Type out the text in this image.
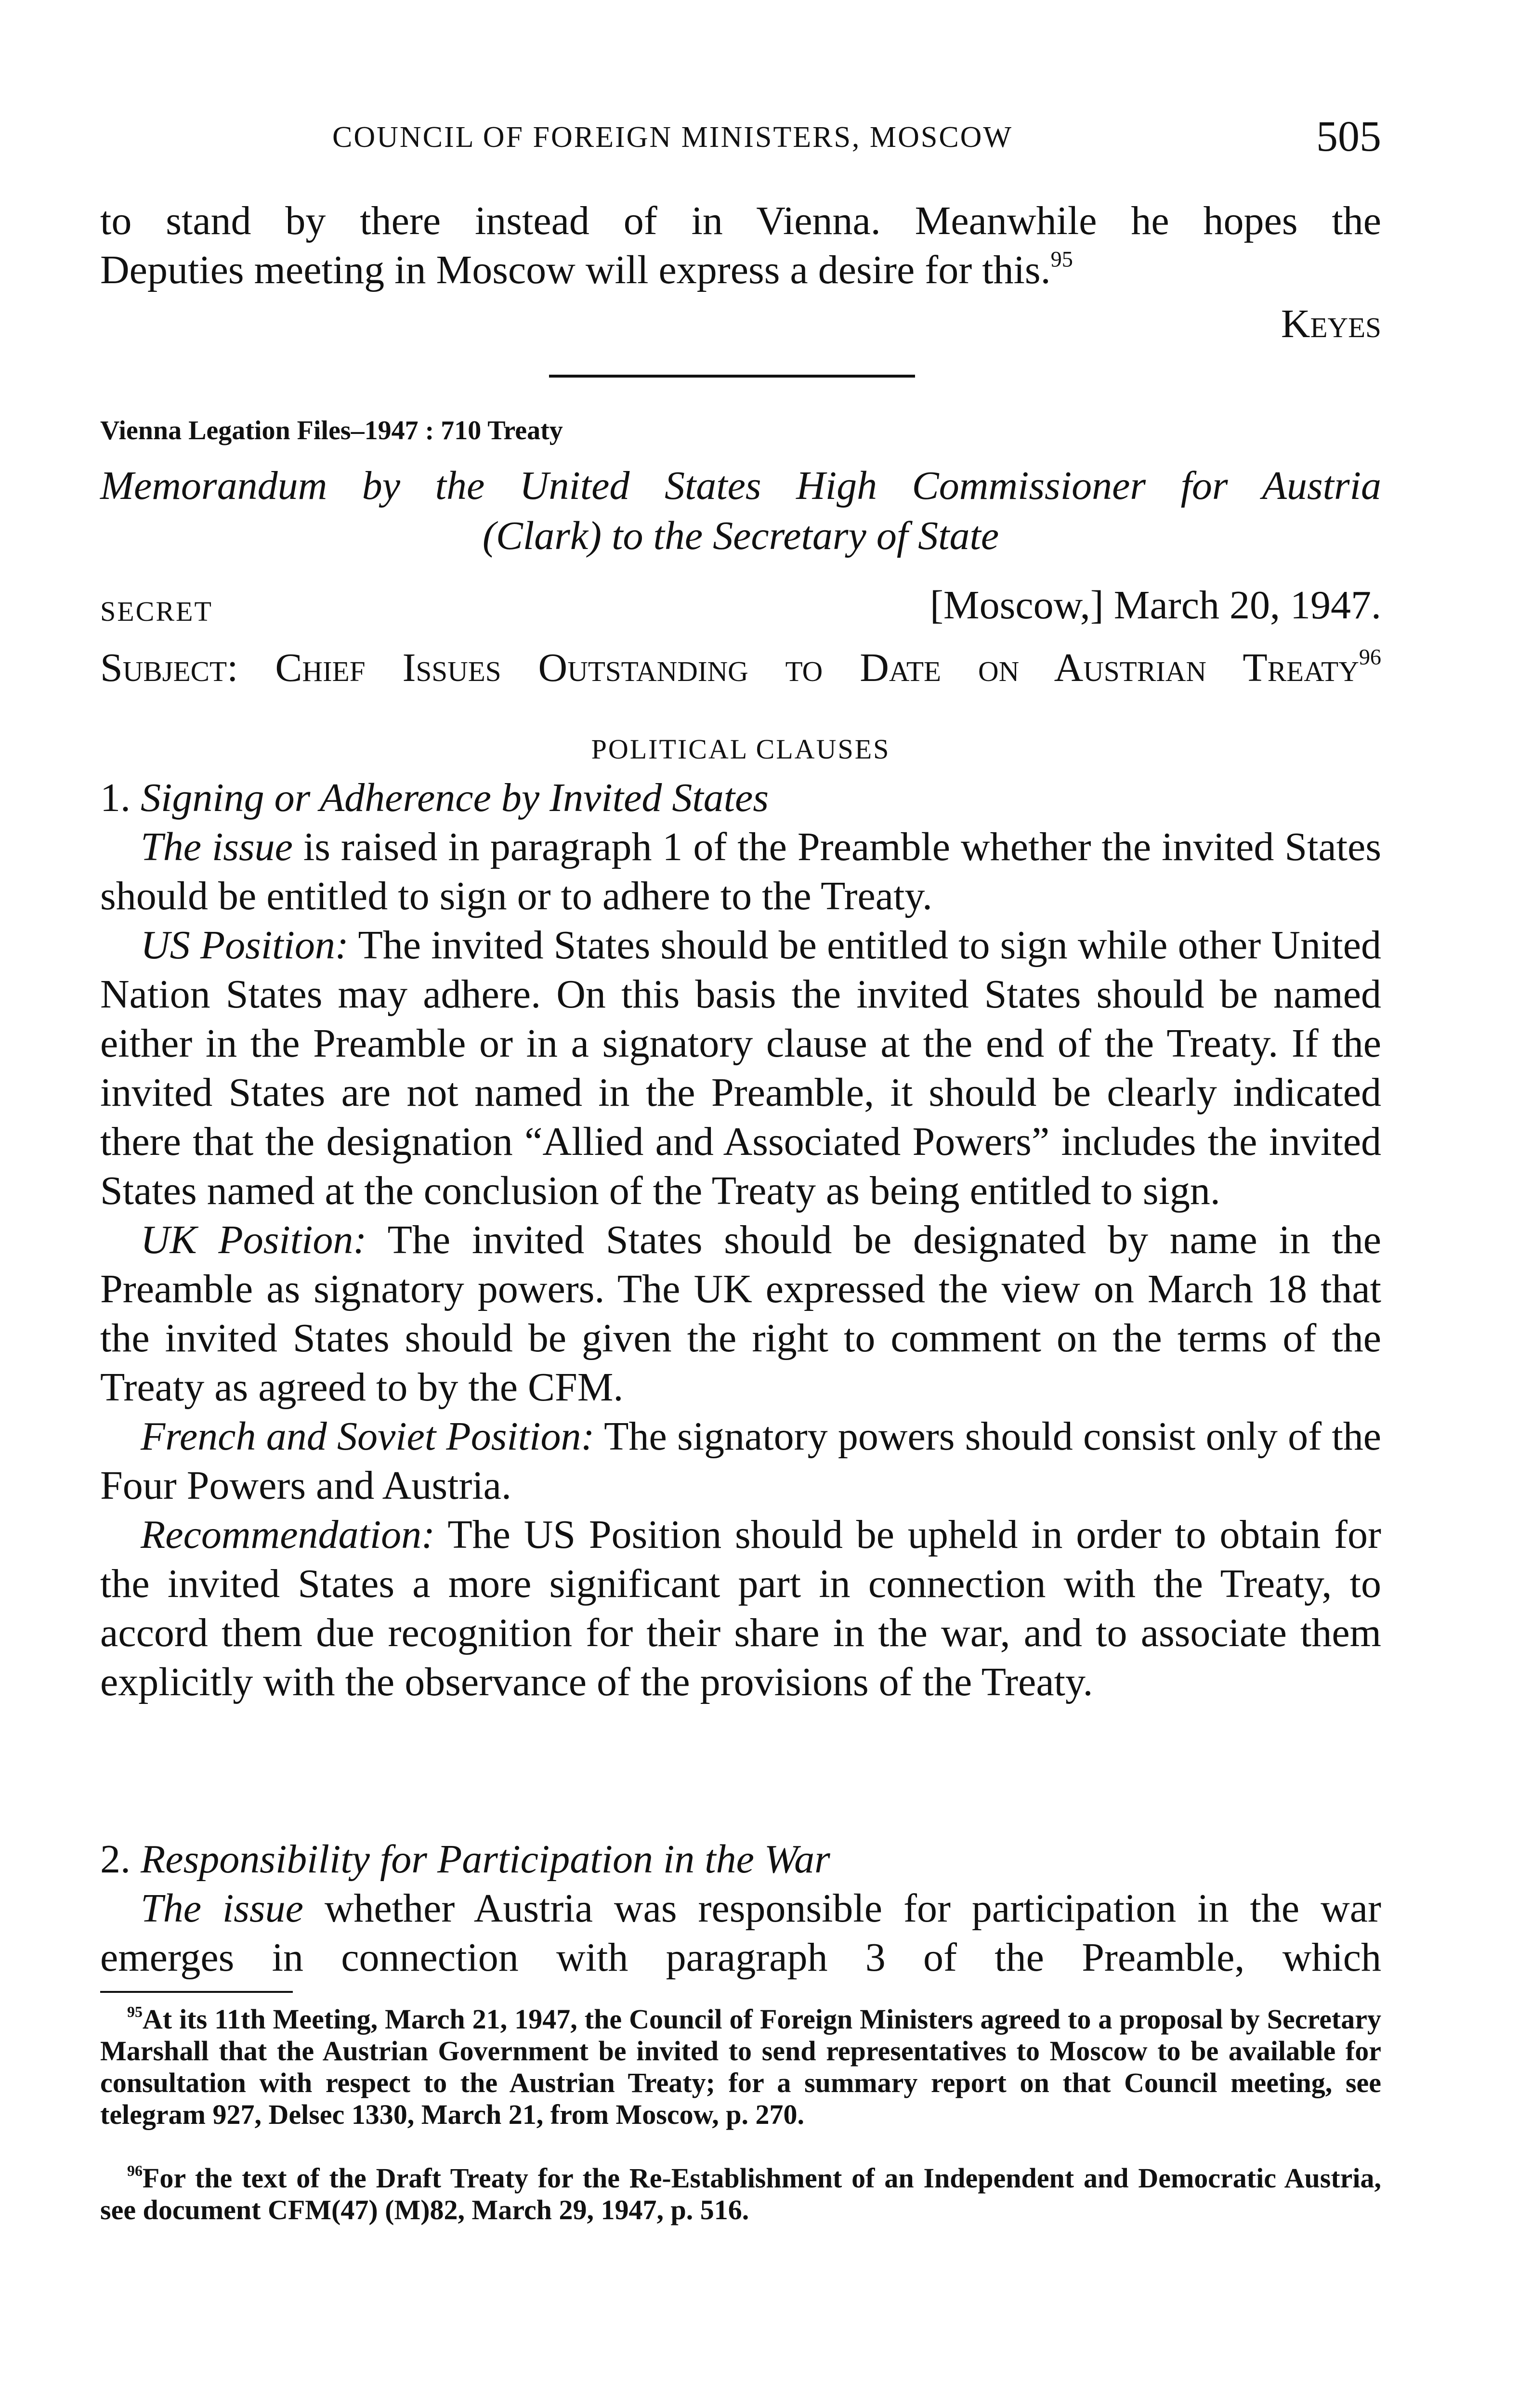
COUNCIL OF FOREIGN MINISTERS, MOSCOW	505
to stand by there instead of in Vienna. Meanwhile he hopes the
Deputies meeting in Moscow will express a desire for this.$^{95}$
Keyes
Vienna Legation Files–1947 : 710 Treaty
Memorandum by the United States High Commissioner for Austria
(Clark) to the Secretary of State
SECRET	[Moscow,] March 20, 1947.
Subject: Chief Issues Outstanding to Date on Austrian Treaty$^{96}$
POLITICAL CLAUSES
1. Signing or Adherence by Invited States
The issue is raised in paragraph 1 of the Preamble whether the invited States should be entitled to sign or to adhere to the Treaty.
US Position: The invited States should be entitled to sign while other United Nation States may adhere. On this basis the invited States should be named either in the Preamble or in a signatory clause at the end of the Treaty. If the invited States are not named in the Preamble, it should be clearly indicated there that the designation “Allied and Associated Powers” includes the invited States named at the conclusion of the Treaty as being entitled to sign.
UK Position: The invited States should be designated by name in the Preamble as signatory powers. The UK expressed the view on March 18 that the invited States should be given the right to comment on the terms of the Treaty as agreed to by the CFM.
French and Soviet Position: The signatory powers should consist only of the Four Powers and Austria.
Recommendation: The US Position should be upheld in order to obtain for the invited States a more significant part in connection with the Treaty, to accord them due recognition for their share in the war, and to associate them explicitly with the observance of the provisions of the Treaty.
2. Responsibility for Participation in the War
The issue whether Austria was responsible for participation in the war emerges in connection with paragraph 3 of the Preamble, which
$^{95}$At its 11th Meeting, March 21, 1947, the Council of Foreign Ministers agreed to a proposal by Secretary Marshall that the Austrian Government be invited to send representatives to Moscow to be available for consultation with respect to the Austrian Treaty; for a summary report on that Council meeting, see telegram 927, Delsec 1330, March 21, from Moscow, p. 270.
$^{96}$For the text of the Draft Treaty for the Re-Establishment of an Independent and Democratic Austria, see document CFM(47) (M)82, March 29, 1947, p. 516.
